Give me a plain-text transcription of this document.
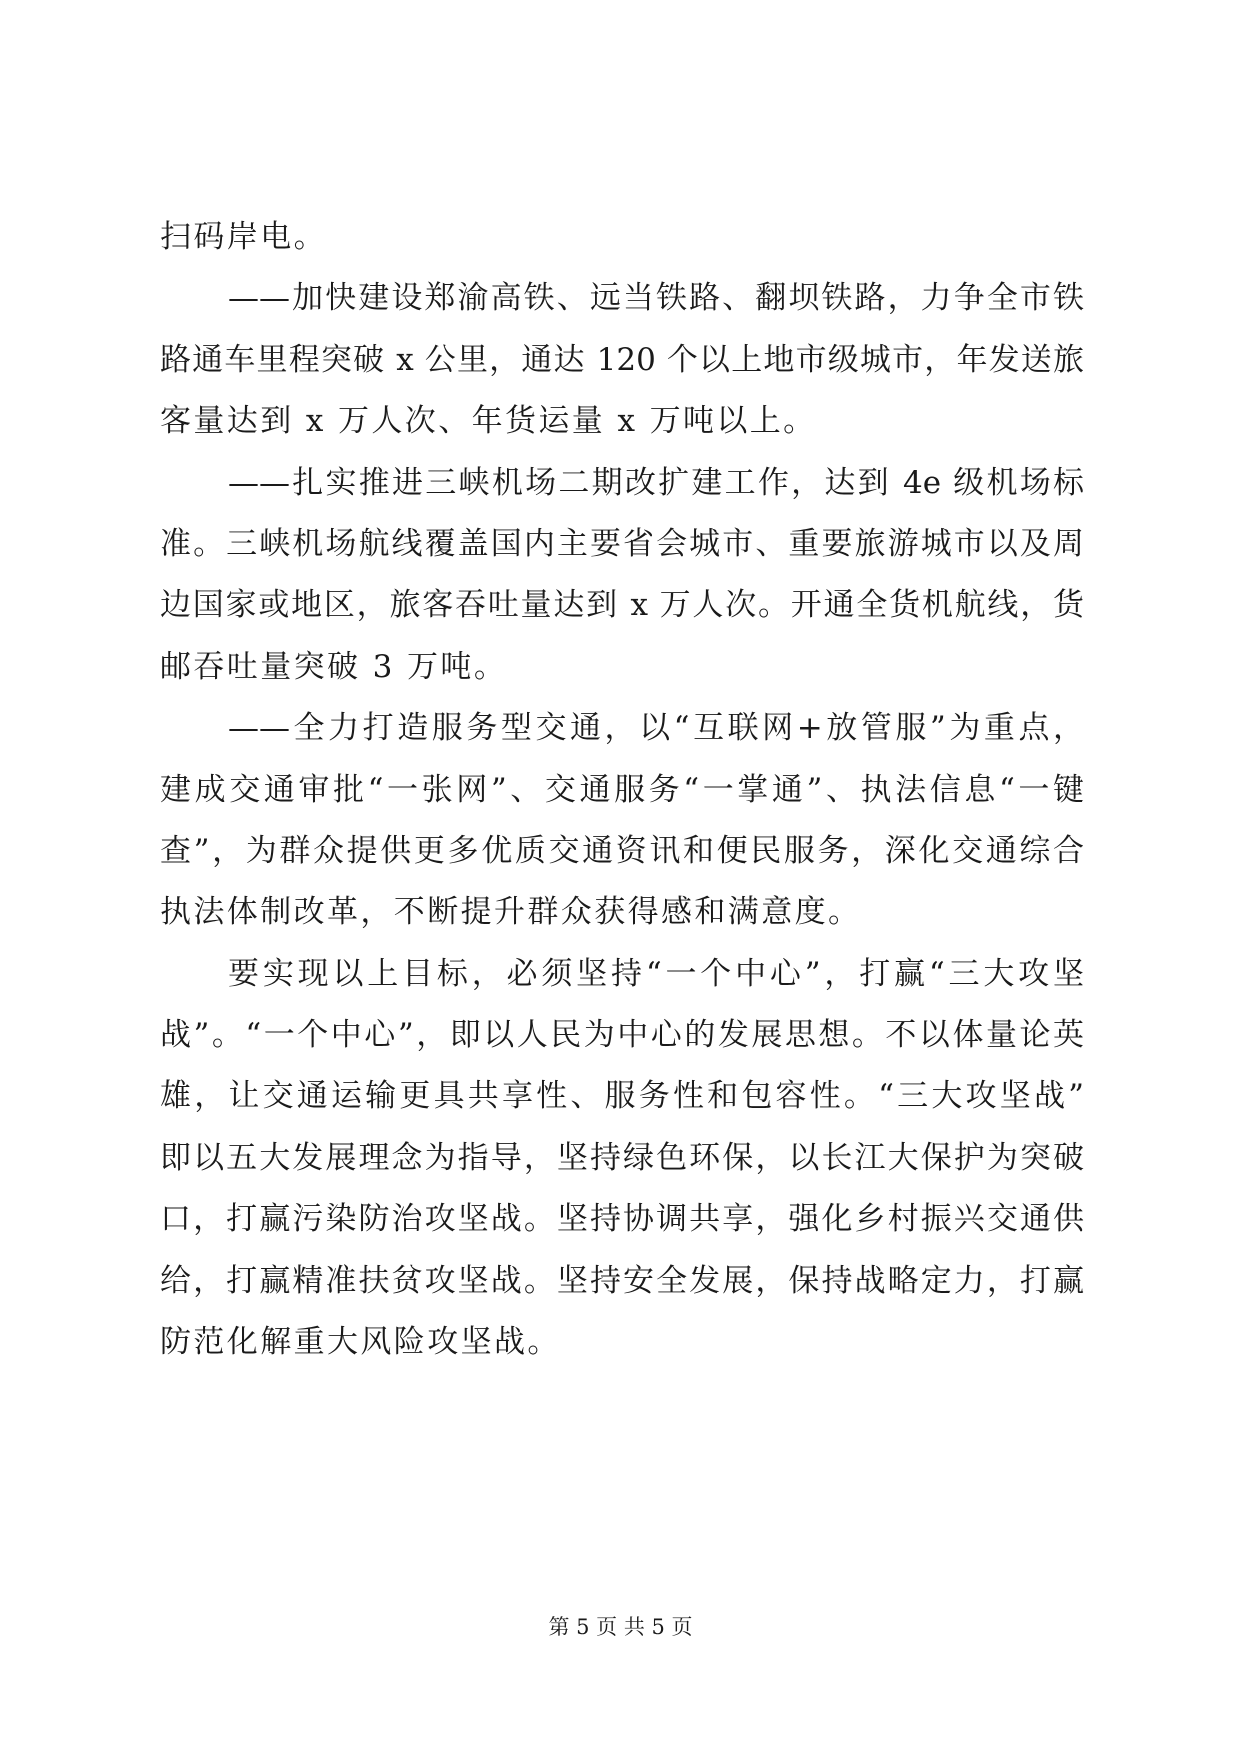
扫码岸电。
——加快建设郑渝高铁、远当铁路、翻坝铁路，力争全市铁
路通车里程突破 x 公里，通达 120 个以上地市级城市，年发送旅
客量达到 x 万人次、年货运量 x 万吨以上。
——扎实推进三峡机场二期改扩建工作，达到 4e 级机场标
准。三峡机场航线覆盖国内主要省会城市、重要旅游城市以及周
边国家或地区，旅客吞吐量达到 x 万人次。开通全货机航线，货
邮吞吐量突破 3 万吨。
——全力打造服务型交通，以“互联网+放管服”为重点，
建成交通审批“一张网”、交通服务“一掌通”、执法信息“一键
查”，为群众提供更多优质交通资讯和便民服务，深化交通综合
执法体制改革，不断提升群众获得感和满意度。
要实现以上目标，必须坚持“一个中心”，打赢“三大攻坚
战”。“一个中心”，即以人民为中心的发展思想。不以体量论英
雄，让交通运输更具共享性、服务性和包容性。“三大攻坚战”
即以五大发展理念为指导，坚持绿色环保，以长江大保护为突破
口，打赢污染防治攻坚战。坚持协调共享，强化乡村振兴交通供
给，打赢精准扶贫攻坚战。坚持安全发展，保持战略定力，打赢
防范化解重大风险攻坚战。
第 5 页 共 5 页
